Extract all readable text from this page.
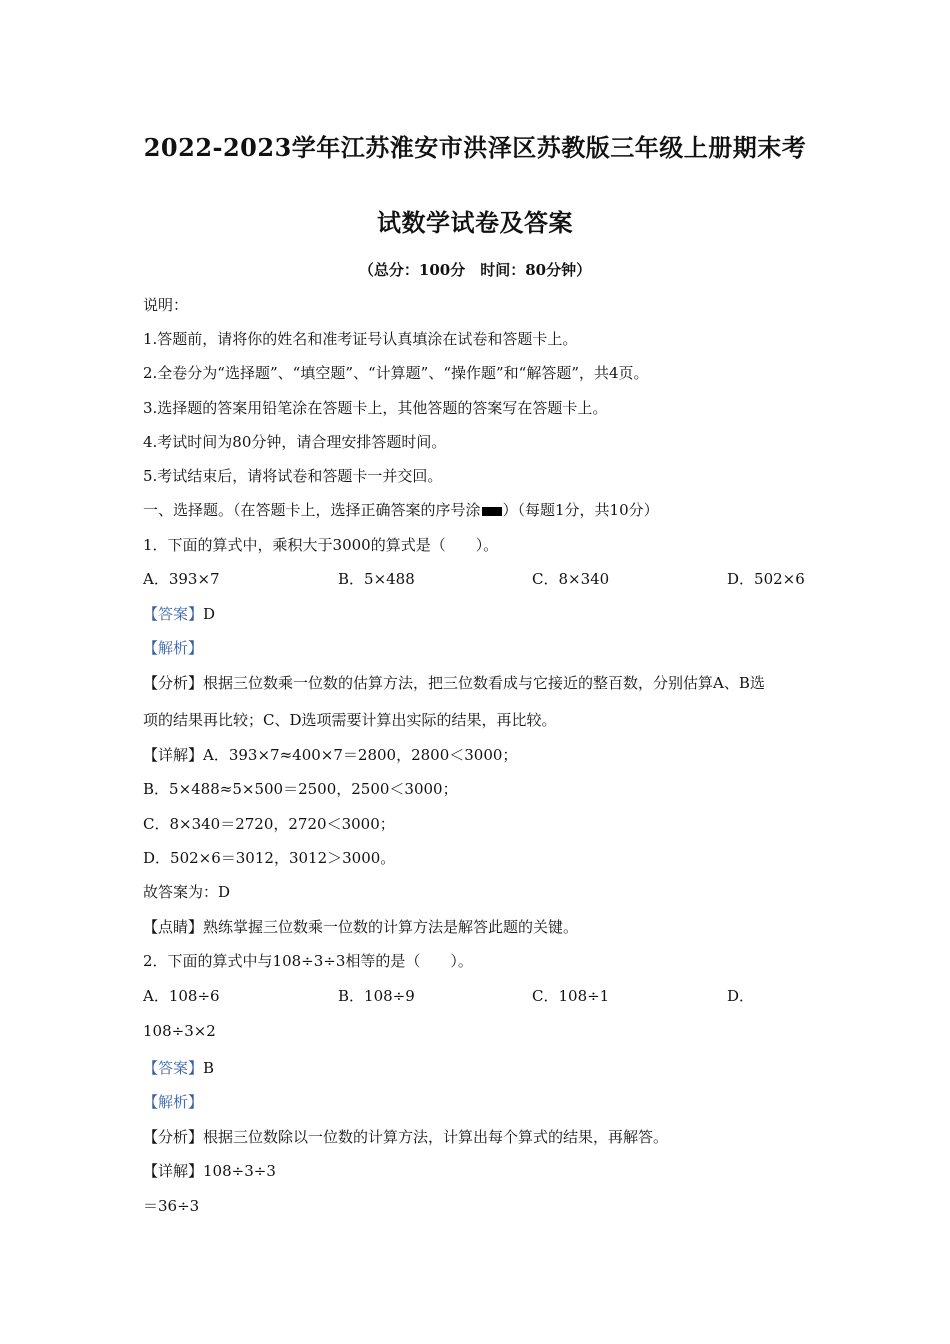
2022-2023学年江苏淮安市洪泽区苏教版三年级上册期末考
试数学试卷及答案
（总分：100分　时间：80分钟）
说明：
1.答题前，请将你的姓名和准考证号认真填涂在试卷和答题卡上。
2.全卷分为“选择题”、“填空题”、“计算题”、“操作题”和“解答题”，共4页。
3.选择题的答案用铅笔涂在答题卡上，其他答题的答案写在答题卡上。
4.考试时间为80分钟，请合理安排答题时间。
5.考试结束后，请将试卷和答题卡一并交回。
一、选择题。（在答题卡上，选择正确答案的序号涂 ）（每题1分，共10分）
1．下面的算式中，乘积大于3000的算式是（　　）。
A．393×7	B．5×488	C．8×340	D．502×6
【答案】D
【解析】
【分析】根据三位数乘一位数的估算方法，把三位数看成与它接近的整百数，分别估算A、B选
项的结果再比较；C、D选项需要计算出实际的结果，再比较。
【详解】A．393×7≈400×7＝2800，2800＜3000；
B．5×488≈5×500＝2500，2500＜3000；
C．8×340＝2720，2720＜3000；
D．502×6＝3012，3012＞3000。
故答案为：D
【点睛】熟练掌握三位数乘一位数的计算方法是解答此题的关键。
2．下面的算式中与108÷3÷3相等的是（　　）。
A．108÷6	B．108÷9	C．108÷1	D．
108÷3×2
【答案】B
【解析】
【分析】根据三位数除以一位数的计算方法，计算出每个算式的结果，再解答。
【详解】108÷3÷3
＝36÷3
